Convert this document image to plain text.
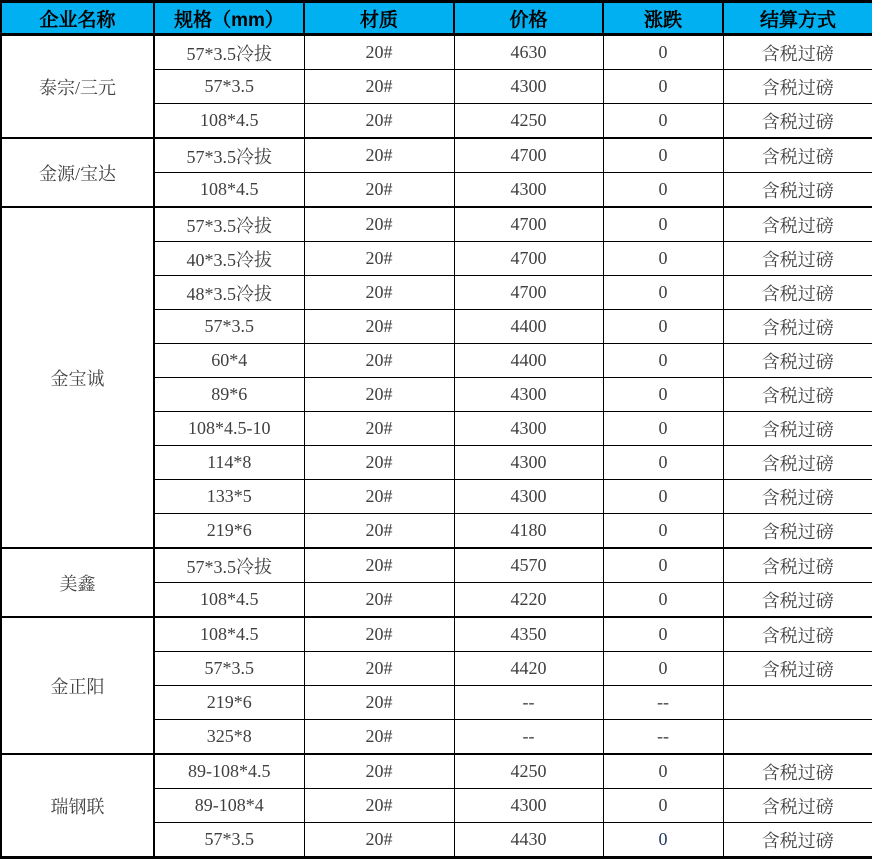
企业名称	规格（mm）	材质	价格	涨跌	结算方式
泰宗/三元	57*3.5冷拔	20#	4630	0	含税过磅
	57*3.5	20#	4300	0	含税过磅
	108*4.5	20#	4250	0	含税过磅
金源/宝达	57*3.5冷拔	20#	4700	0	含税过磅
	108*4.5	20#	4300	0	含税过磅
金宝诚	57*3.5冷拔	20#	4700	0	含税过磅
	40*3.5冷拔	20#	4700	0	含税过磅
	48*3.5冷拔	20#	4700	0	含税过磅
	57*3.5	20#	4400	0	含税过磅
	60*4	20#	4400	0	含税过磅
	89*6	20#	4300	0	含税过磅
	108*4.5-10	20#	4300	0	含税过磅
	114*8	20#	4300	0	含税过磅
	133*5	20#	4300	0	含税过磅
	219*6	20#	4180	0	含税过磅
美鑫	57*3.5冷拔	20#	4570	0	含税过磅
	108*4.5	20#	4220	0	含税过磅
金正阳	108*4.5	20#	4350	0	含税过磅
	57*3.5	20#	4420	0	含税过磅
	219*6	20#	--	--	
	325*8	20#	--	--	
瑞钢联	89-108*4.5	20#	4250	0	含税过磅
	89-108*4	20#	4300	0	含税过磅
	57*3.5	20#	4430	0	含税过磅
